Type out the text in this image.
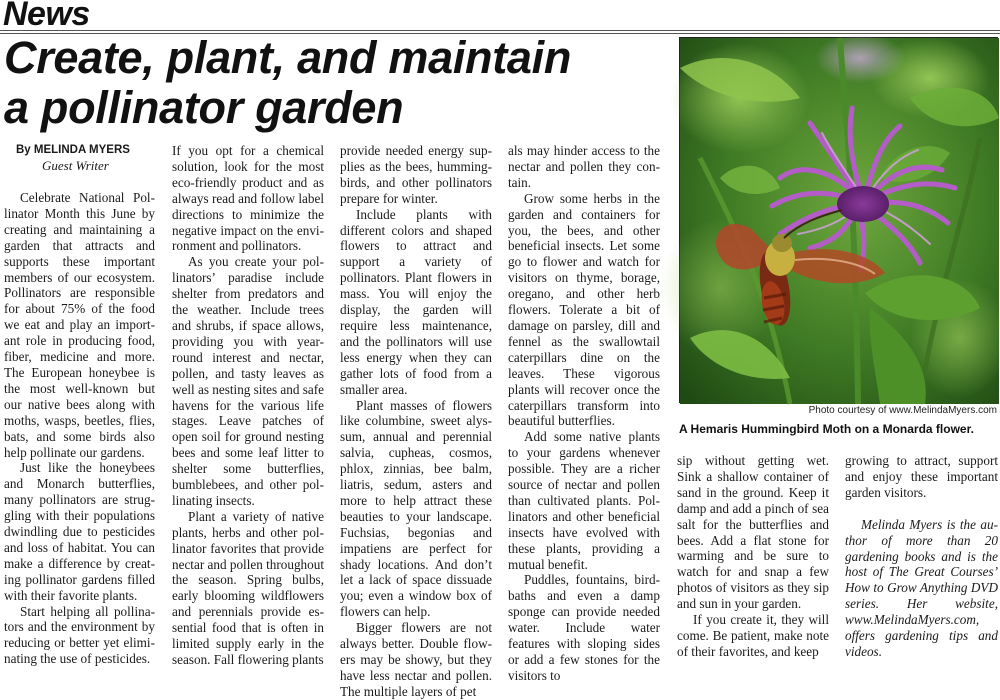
News
Create, plant, and maintain
a pollinator garden
By MELINDA MYERS
Guest Writer

Celebrate National Pollinator Month this June by creating and maintaining a garden that attracts and supports these important members of our ecosystem. Pollinators are responsible for about 75% of the food we eat and play an important role in producing food, fiber, medicine and more. The European honeybee is the most well-known but our native bees along with moths, wasps, beetles, flies, bats, and some birds also help pollinate our gardens.

Just like the honeybees and Monarch butterflies, many pollinators are struggling with their populations dwindling due to pesticides and loss of habitat. You can make a difference by creating pollinator gardens filled with their favorite plants.

Start helping all pollinators and the environment by reducing or better yet eliminating the use of pesticides.

If you opt for a chemical solution, look for the most eco-friendly product and as always read and follow label directions to minimize the negative impact on the environment and pollinators.

As you create your pollinators’ paradise include shelter from predators and the weather. Include trees and shrubs, if space allows, providing you with year-round interest and nectar, pollen, and tasty leaves as well as nesting sites and safe havens for the various life stages. Leave patches of open soil for ground nesting bees and some leaf litter to shelter some butterflies, bumblebees, and other pollinating insects.

Plant a variety of native plants, herbs and other pollinator favorites that provide nectar and pollen throughout the season. Spring bulbs, early blooming wildflowers and perennials provide essential food that is often in limited supply early in the season. Fall flowering plants

provide needed energy supplies as the bees, hummingbirds, and other pollinators prepare for winter.

Include plants with different colors and shaped flowers to attract and support a variety of pollinators. Plant flowers in mass. You will enjoy the display, the garden will require less maintenance, and the pollinators will use less energy when they can gather lots of food from a smaller area.

Plant masses of flowers like columbine, sweet alyssum, annual and perennial salvia, cupheas, cosmos, phlox, zinnias, bee balm, liatris, sedum, asters and more to help attract these beauties to your landscape. Fuchsias, begonias and impatiens are perfect for shady locations. And don’t let a lack of space dissuade you; even a window box of flowers can help.

Bigger flowers are not always better. Double flowers may be showy, but they have less nectar and pollen. The multiple layers of pet

als may hinder access to the nectar and pollen they contain.

Grow some herbs in the garden and containers for you, the bees, and other beneficial insects. Let some go to flower and watch for visitors on thyme, borage, oregano, and other herb flowers. Tolerate a bit of damage on parsley, dill and fennel as the swallowtail caterpillars dine on the leaves. These vigorous plants will recover once the caterpillars transform into beautiful butterflies.

Add some native plants to your gardens whenever possible. They are a richer source of nectar and pollen than cultivated plants. Pollinators and other beneficial insects have evolved with these plants, providing a mutual benefit.

Puddles, fountains, birdbaths and even a damp sponge can provide needed water. Include water features with sloping sides or add a few stones for the visitors to

Photo courtesy of www.MelindaMyers.com
A Hemaris Hummingbird Moth on a Monarda flower.

sip without getting wet. Sink a shallow container of sand in the ground. Keep it damp and add a pinch of sea salt for the butterflies and bees. Add a flat stone for warming and be sure to watch for and snap a few photos of visitors as they sip and sun in your garden.

If you create it, they will come. Be patient, make note of their favorites, and keep

growing to attract, support and enjoy these important garden visitors.

Melinda Myers is the author of more than 20 gardening books and is the host of The Great Courses’ How to Grow Anything DVD series. Her website, www.MelindaMyers.com, offers gardening tips and videos.
